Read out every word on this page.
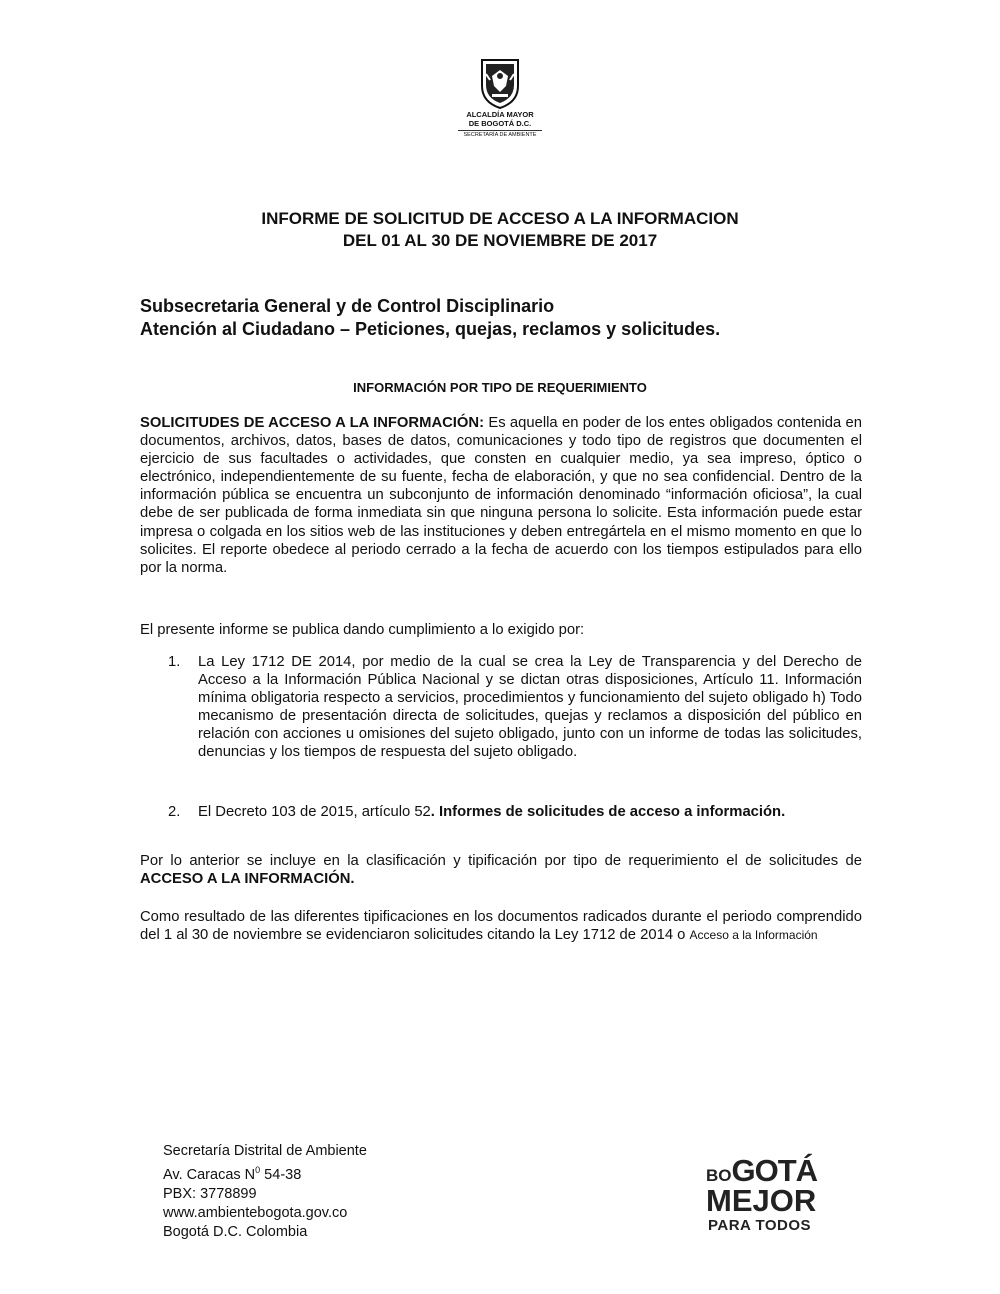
ALCALDÍA MAYOR
DE BOGOTÁ D.C.
SECRETARÍA DE AMBIENTE
INFORME DE SOLICITUD DE ACCESO A LA INFORMACION
DEL 01 AL 30 DE NOVIEMBRE DE 2017
Subsecretaria General y de Control Disciplinario
Atención al Ciudadano – Peticiones, quejas, reclamos y solicitudes.
INFORMACIÓN POR TIPO DE REQUERIMIENTO
SOLICITUDES DE ACCESO A LA INFORMACIÓN: Es aquella en poder de los entes obligados contenida en documentos, archivos, datos, bases de datos, comunicaciones y todo tipo de registros que documenten el ejercicio de sus facultades o actividades, que consten en cualquier medio, ya sea impreso, óptico o electrónico, independientemente de su fuente, fecha de elaboración, y que no sea confidencial. Dentro de la información pública se encuentra un subconjunto de información denominado “información oficiosa”, la cual debe de ser publicada de forma inmediata sin que ninguna persona lo solicite. Esta información puede estar impresa o colgada en los sitios web de las instituciones y deben entregártela en el mismo momento en que lo solicites. El reporte obedece al periodo cerrado a la fecha de acuerdo con los tiempos estipulados para ello por la norma.
El presente informe se publica dando cumplimiento a lo exigido por:
1. La Ley 1712 DE 2014, por medio de la cual se crea la Ley de Transparencia y del Derecho de Acceso a la Información Pública Nacional y se dictan otras disposiciones, Artículo 11. Información mínima obligatoria respecto a servicios, procedimientos y funcionamiento del sujeto obligado h) Todo mecanismo de presentación directa de solicitudes, quejas y reclamos a disposición del público en relación con acciones u omisiones del sujeto obligado, junto con un informe de todas las solicitudes, denuncias y los tiempos de respuesta del sujeto obligado.
2. El Decreto 103 de 2015, artículo 52. Informes de solicitudes de acceso a información.
Por lo anterior se incluye en la clasificación y tipificación por tipo de requerimiento el de solicitudes de ACCESO A LA INFORMACIÓN.
Como resultado de las diferentes tipificaciones en los documentos radicados durante el periodo comprendido del 1 al 30 de noviembre se evidenciaron solicitudes citando la Ley 1712 de 2014 o Acceso a la Información
Secretaría Distrital de Ambiente
Av. Caracas $N^0$ 54-38
PBX: 3778899
www.ambientebogota.gov.co
Bogotá D.C. Colombia
BOGOTÁ
MEJOR
PARA TODOS
